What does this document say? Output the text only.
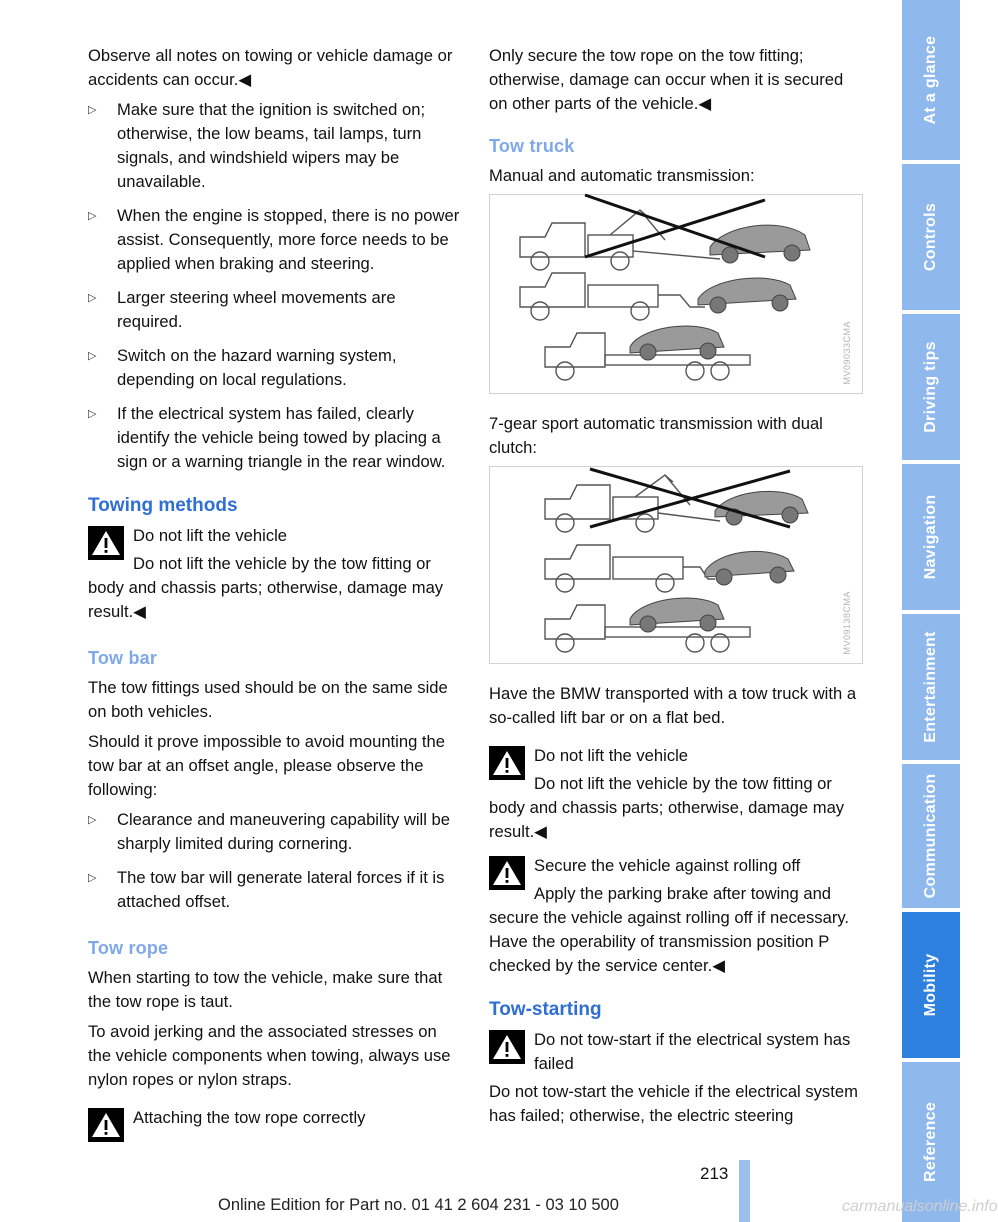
Observe all notes on towing or vehicle damage or accidents can occur.◀

▷ Make sure that the ignition is switched on; otherwise, the low beams, tail lamps, turn signals, and windshield wipers may be unavailable.
▷ When the engine is stopped, there is no power assist. Consequently, more force needs to be applied when braking and steering.
▷ Larger steering wheel movements are required.
▷ Switch on the hazard warning system, depending on local regulations.
▷ If the electrical system has failed, clearly identify the vehicle being towed by placing a sign or a warning triangle in the rear window.
Towing methods

Do not lift the vehicle

Do not lift the vehicle by the tow fitting or body and chassis parts; otherwise, damage may result.◀

Tow bar

The tow fittings used should be on the same side on both vehicles.

Should it prove impossible to avoid mounting the tow bar at an offset angle, please observe the following:

▷ Clearance and maneuvering capability will be sharply limited during cornering.
▷ The tow bar will generate lateral forces if it is attached offset.
Tow rope

When starting to tow the vehicle, make sure that the tow rope is taut.

To avoid jerking and the associated stresses on the vehicle components when towing, always use nylon ropes or nylon straps.

Attaching the tow rope correctly

Only secure the tow rope on the tow fitting; otherwise, damage can occur when it is secured on other parts of the vehicle.◀

Tow truck

Manual and automatic transmission:

MV09033CMA

7-gear sport automatic transmission with dual clutch:

MV09138CMA

Have the BMW transported with a tow truck with a so-called lift bar or on a flat bed.

Do not lift the vehicle

Do not lift the vehicle by the tow fitting or body and chassis parts; otherwise, damage may result.◀

Secure the vehicle against rolling off

Apply the parking brake after towing and secure the vehicle against rolling off if necessary.

Have the operability of transmission position P checked by the service center.◀

Tow-starting

Do not tow-start if the electrical system has failed

Do not tow-start the vehicle if the electrical system has failed; otherwise, the electric steering

At a glance
Controls
Driving tips
Navigation
Entertainment
Communication
Mobility
Reference
213
Online Edition for Part no. 01 41 2 604 231 - 03 10 500	carmanualsonline.info
